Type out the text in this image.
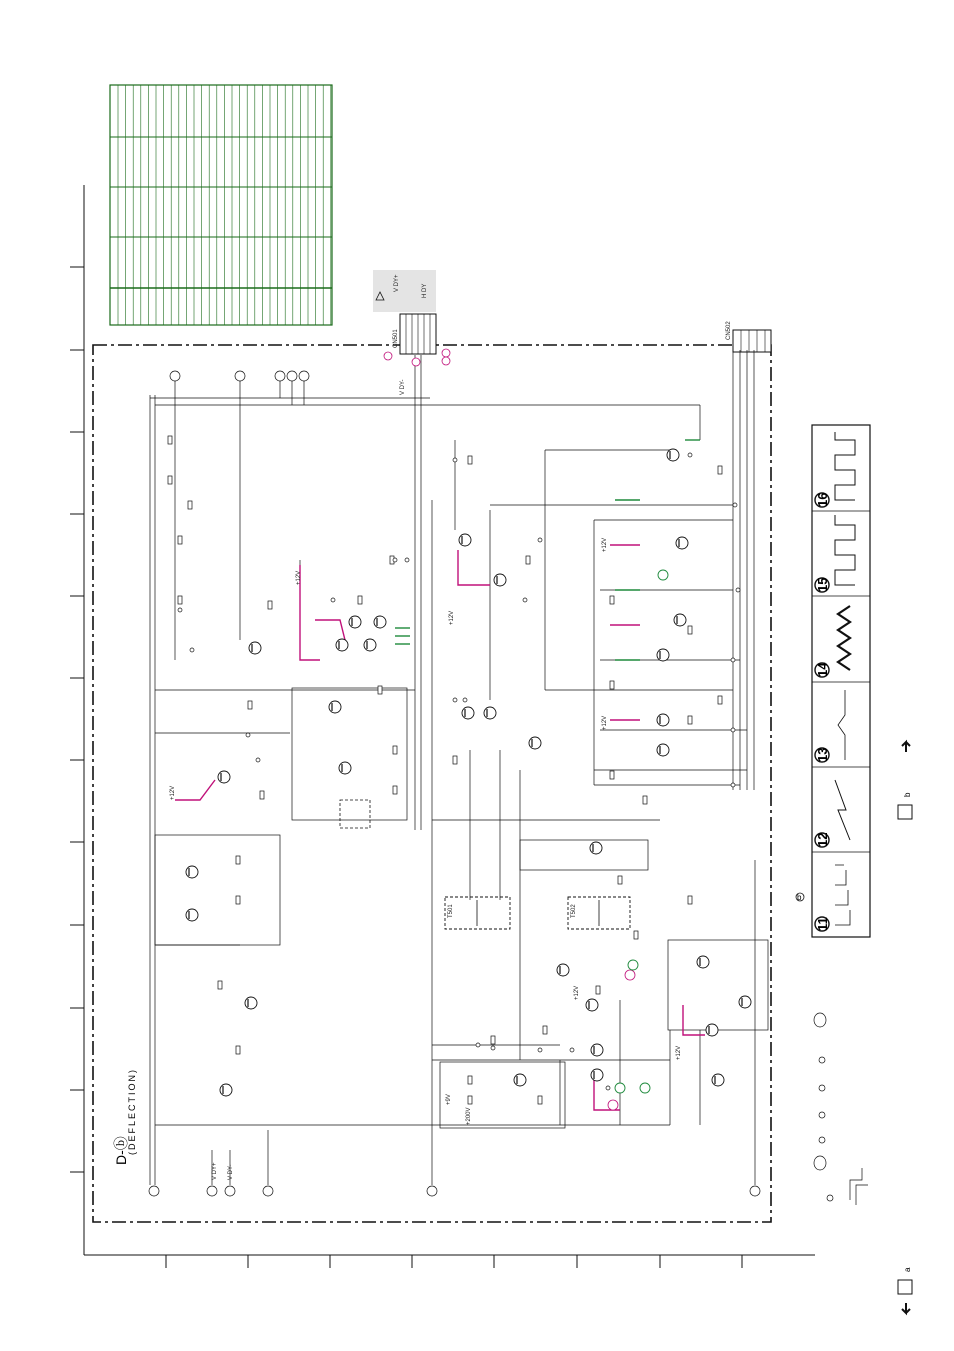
V DY+	H DY
D-ⓑ
(DEFLECTION)
+12V
+12V
+12V
+12V
+12V
+12V
+12V
+9V
+200V
V DY+ V DY-
V DY-
CN501	CN502
T501	T502
11
12
13
14
15
16
b
b
a
